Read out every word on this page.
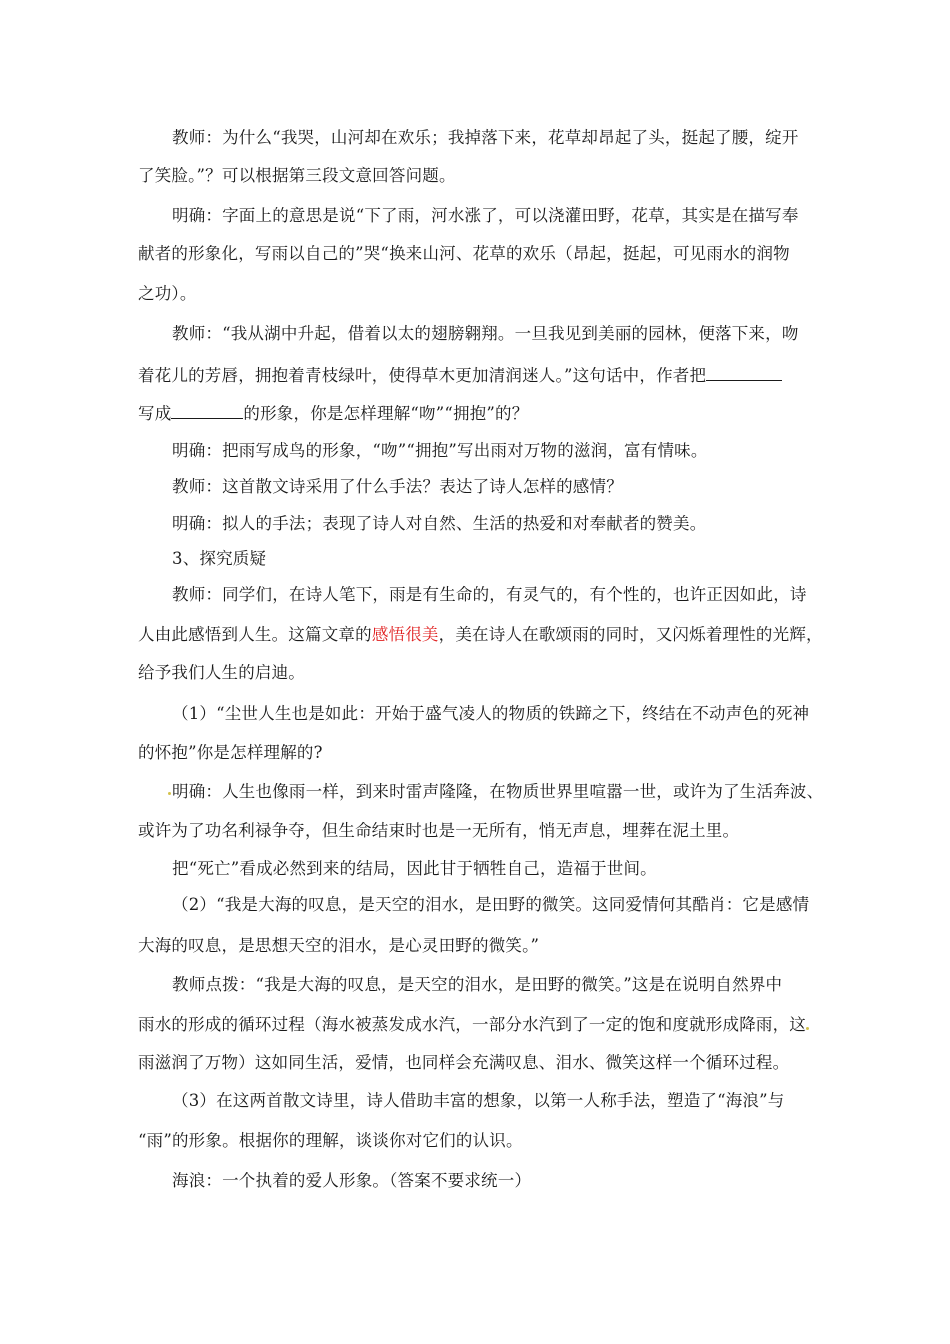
教师：为什么“我哭，山河却在欢乐；我掉落下来，花草却昂起了头，挺起了腰，绽开
了笑脸。”？可以根据第三段文意回答问题。
明确：字面上的意思是说“下了雨，河水涨了，可以浇灌田野，花草，其实是在描写奉
献者的形象化，写雨以自己的”哭“换来山河、花草的欢乐（昂起，挺起，可见雨水的润物
之功）。
教师：“我从湖中升起，借着以太的翅膀翱翔。一旦我见到美丽的园林，便落下来，吻
着花儿的芳唇，拥抱着青枝绿叶，使得草木更加清润迷人。”这句话中，作者把
写成	的形象，你是怎样理解“吻”“拥抱”的？
明确：把雨写成鸟的形象，“吻”“拥抱”写出雨对万物的滋润，富有情味。
教师：这首散文诗采用了什么手法？表达了诗人怎样的感情？
明确：拟人的手法；表现了诗人对自然、生活的热爱和对奉献者的赞美。
3、探究质疑
教师：同学们，在诗人笔下，雨是有生命的，有灵气的，有个性的，也许正因如此，诗
人由此感悟到人生。这篇文章的感悟很美，美在诗人在歌颂雨的同时，又闪烁着理性的光辉，
给予我们人生的启迪。
（1）“尘世人生也是如此：开始于盛气凌人的物质的铁蹄之下，终结在不动声色的死神
的怀抱”你是怎样理解的?
明确：人生也像雨一样，到来时雷声隆隆，在物质世界里喧嚣一世，或许为了生活奔波、
或许为了功名利禄争夺，但生命结束时也是一无所有，悄无声息，埋葬在泥土里。
把“死亡”看成必然到来的结局，因此甘于牺牲自己，造福于世间。
（2）“我是大海的叹息，是天空的泪水，是田野的微笑。这同爱情何其酷肖：它是感情
大海的叹息，是思想天空的泪水，是心灵田野的微笑。”
教师点拨：“我是大海的叹息，是天空的泪水，是田野的微笑。”这是在说明自然界中
雨水的形成的循环过程（海水被蒸发成水汽，一部分水汽到了一定的饱和度就形成降雨，这
雨滋润了万物）这如同生活，爱情，也同样会充满叹息、泪水、微笑这样一个循环过程。
（3）在这两首散文诗里，诗人借助丰富的想象，以第一人称手法，塑造了“海浪”与
“雨”的形象。根据你的理解，谈谈你对它们的认识。
海浪：一个执着的爱人形象。（答案不要求统一）
